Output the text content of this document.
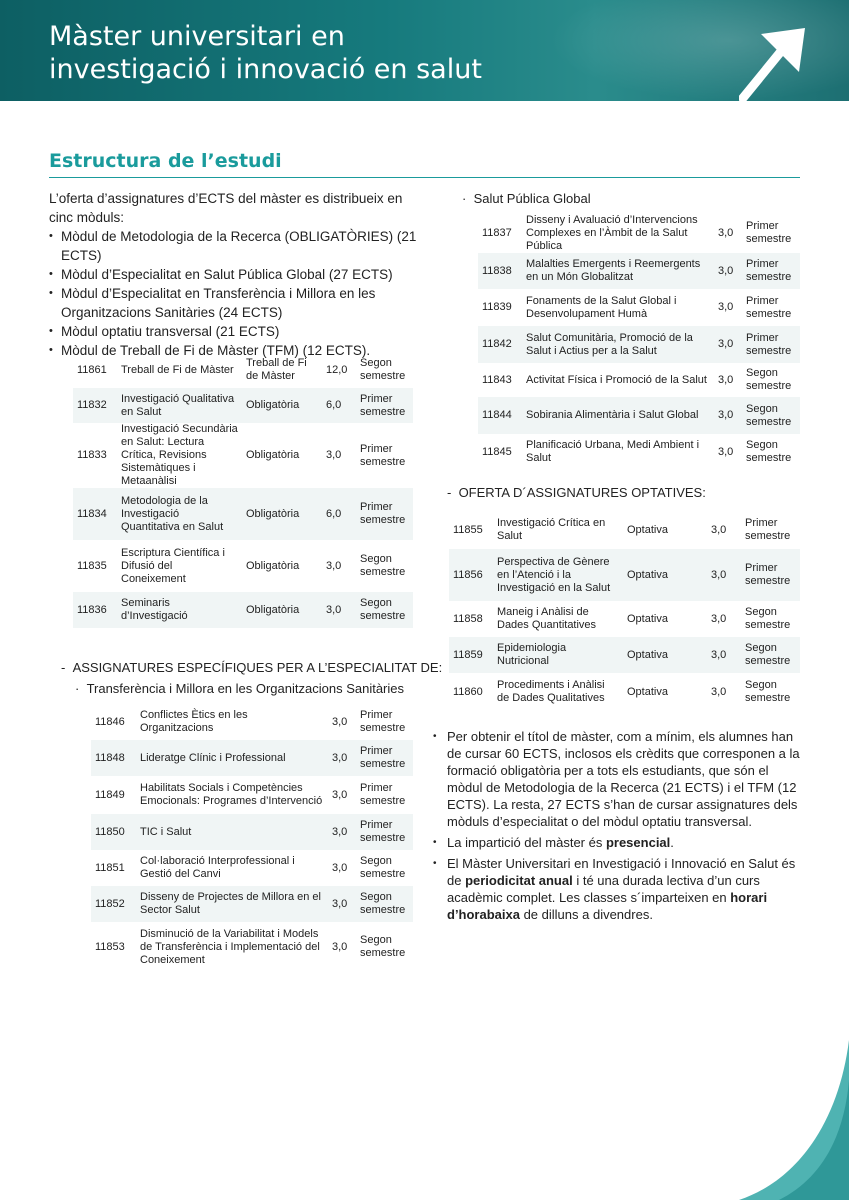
Màster universitari en
investigació i innovació en salut
Estructura de l’estudi
L’oferta d’assignatures d’ECTS del màster es distribueix en cinc mòduls:
• Mòdul de Metodologia de la Recerca (OBLIGATÒRIES) (21 ECTS)
• Mòdul d’Especialitat en Salut Pública Global (27 ECTS)
• Mòdul d’Especialitat en Transferència i Millora en les Organitzacions Sanitàries (24 ECTS)
• Mòdul optatiu transversal (21 ECTS)
• Mòdul de Treball de Fi de Màster (TFM) (12 ECTS).
11861	Treball de Fi de Màster	Treball de Fi de Màster	12,0	Segon semestre
11832	Investigació Qualitativa en Salut	Obligatòria	6,0	Primer semestre
11833	Investigació Secundària en Salut: Lectura Crítica, Revisions Sistemàtiques i Metaanàlisi	Obligatòria	3,0	Primer semestre
11834	Metodologia de la Investigació Quantitativa en Salut	Obligatòria	6,0	Primer semestre
11835	Escriptura Científica i Difusió del Coneixement	Obligatòria	3,0	Segon semestre
11836	Seminaris d’Investigació	Obligatòria	3,0	Segon semestre
-  ASSIGNATURES ESPECÍFIQUES PER A L’ESPECIALITAT DE:
·  Transferència i Millora en les Organitzacions Sanitàries
11846	Conflictes Ètics en les Organitzacions	3,0	Primer semestre
11848	Lideratge Clínic i Professional	3,0	Primer semestre
11849	Habilitats Socials i Competències Emocionals: Programes d’Intervenció	3,0	Primer semestre
11850	TIC i Salut	3,0	Primer semestre
11851	Col·laboració Interprofessional i Gestió del Canvi	3,0	Segon semestre
11852	Disseny de Projectes de Millora en el Sector Salut	3,0	Segon semestre
11853	Disminució de la Variabilitat i Models de Transferència i Implementació del Coneixement	3,0	Segon semestre
·  Salut Pública Global
11837	Disseny i Avaluació d’Intervencions Complexes en l’Àmbit de la Salut Pública	3,0	Primer semestre
11838	Malalties Emergents i Reemergents en un Món Globalitzat	3,0	Primer semestre
11839	Fonaments de la Salut Global i Desenvolupament Humà	3,0	Primer semestre
11842	Salut Comunitària, Promoció de la Salut i Actius per a la Salut	3,0	Primer semestre
11843	Activitat Física i Promoció de la Salut	3,0	Segon semestre
11844	Sobirania Alimentària i Salut Global	3,0	Segon semestre
11845	Planificació Urbana, Medi Ambient i Salut	3,0	Segon semestre
-  OFERTA D´ASSIGNATURES OPTATIVES:
11855	Investigació Crítica en Salut	Optativa	3,0	Primer semestre
11856	Perspectiva de Gènere en l’Atenció i la Investigació en la Salut	Optativa	3,0	Primer semestre
11858	Maneig i Anàlisi de Dades Quantitatives	Optativa	3,0	Segon semestre
11859	Epidemiologia Nutricional	Optativa	3,0	Segon semestre
11860	Procediments i Anàlisi de Dades Qualitatives	Optativa	3,0	Segon semestre
• Per obtenir el títol de màster, com a mínim, els alumnes han de cursar 60 ECTS, inclosos els crèdits que corresponen a la formació obligatòria per a tots els estudiants, que són el mòdul de Metodologia de la Recerca (21 ECTS) i el TFM (12 ECTS). La resta, 27 ECTS s’han de cursar assignatures dels mòduls d’especialitat o del mòdul optatiu transversal.
• La impartició del màster és presencial.
• El Màster Universitari en Investigació i Innovació en Salut és de periodicitat anual i té una durada lectiva d’un curs acadèmic complet. Les classes s´imparteixen en horari d’horabaixa de dilluns a divendres.
